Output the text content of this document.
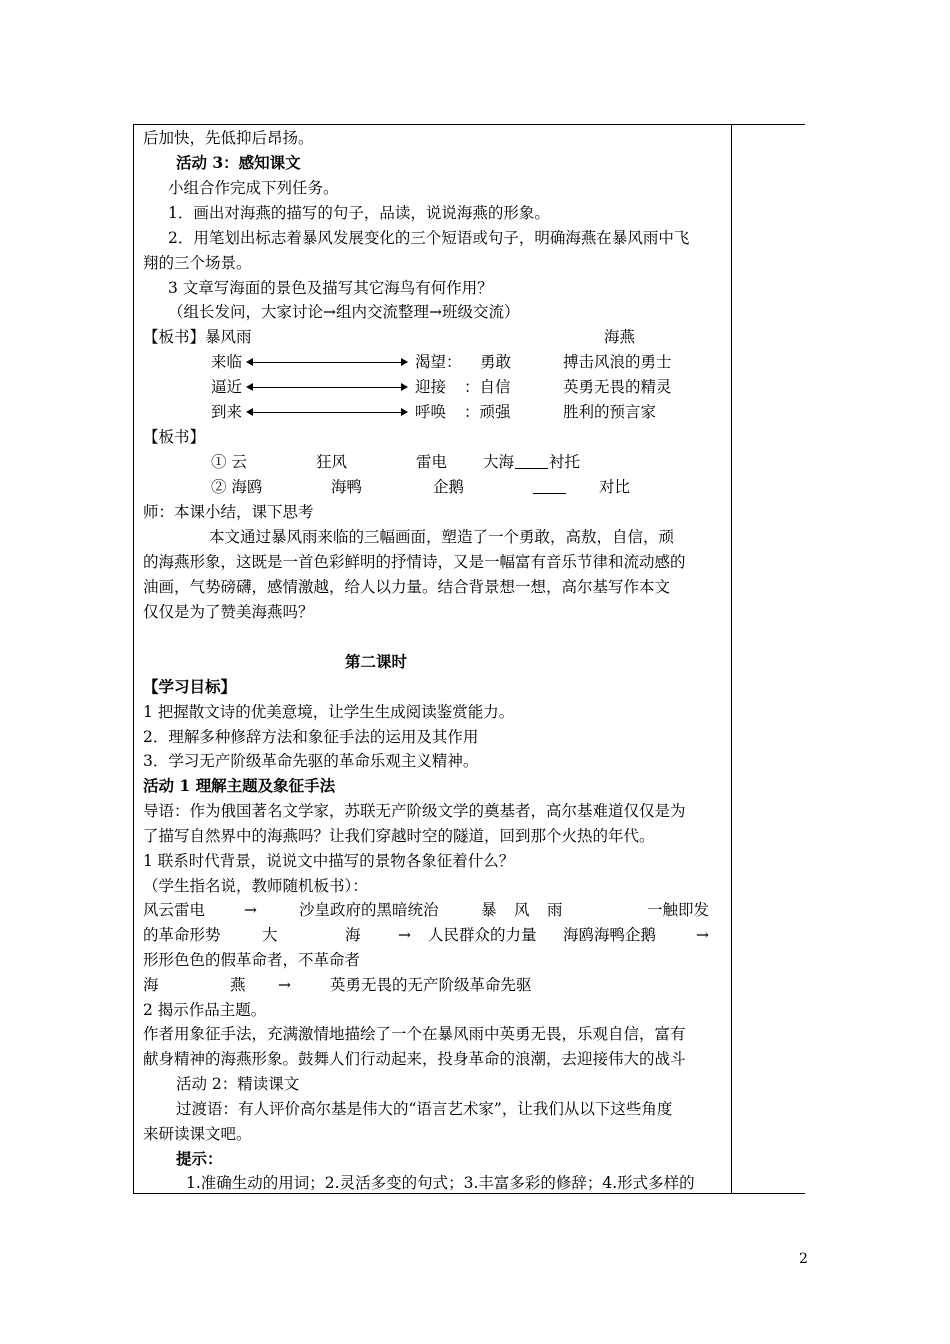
后加快，先低抑后昂扬。
活动 3：感知课文
小组合作完成下列任务。
1．画出对海燕的描写的句子，品读，说说海燕的形象。
2．用笔划出标志着暴风发展变化的三个短语或句子，明确海燕在暴风雨中飞
翔的三个场景。
3 文章写海面的景色及描写其它海鸟有何作用？
（组长发问，大家讨论→组内交流整理→班级交流）
【板书】暴风雨	海燕
来临	渴望： 勇敢	搏击风浪的勇士
逼近	迎接 ：自信	英勇无畏的精灵
到来	呼唤 ：顽强	胜利的预言家
【板书】
① 云	狂风	雷电 大海 衬托
② 海鸥	海鸭	企鹅	对比
师：本课小结，课下思考
本文通过暴风雨来临的三幅画面，塑造了一个勇敢，高敖，自信，顽
的海燕形象，这既是一首色彩鲜明的抒情诗，又是一幅富有音乐节律和流动感的
油画，气势磅礴，感情激越，给人以力量。结合背景想一想，高尔基写作本文
仅仅是为了赞美海燕吗？
第二课时
【学习目标】
1 把握散文诗的优美意境，让学生生成阅读鉴赏能力。
2．理解多种修辞方法和象征手法的运用及其作用
3．学习无产阶级革命先驱的革命乐观主义精神。
活动 1 理解主题及象征手法
导语：作为俄国著名文学家，苏联无产阶级文学的奠基者，高尔基难道仅仅是为
了描写自然界中的海燕吗？让我们穿越时空的隧道，回到那个火热的年代。
1 联系时代背景，说说文中描写的景物各象征着什么？
（学生指名说，教师随机板书）：
风云雷电	→	沙皇政府的黑暗统治	暴 风 雨	一触即发
的革命形势	大	海 → 人民群众的力量 海鸥海鸭企鹅	→
形形色色的假革命者，不革命者
海	燕 →	英勇无畏的无产阶级革命先驱
2 揭示作品主题。
作者用象征手法，充满激情地描绘了一个在暴风雨中英勇无畏，乐观自信，富有
献身精神的海燕形象。鼓舞人们行动起来，投身革命的浪潮，去迎接伟大的战斗
活动 2：精读课文
过渡语：有人评价高尔基是伟大的“语言艺术家”，让我们从以下这些角度
来研读课文吧。
提示：
1.准确生动的用词；2.灵活多变的句式；3.丰富多彩的修辞；4.形式多样的
2
